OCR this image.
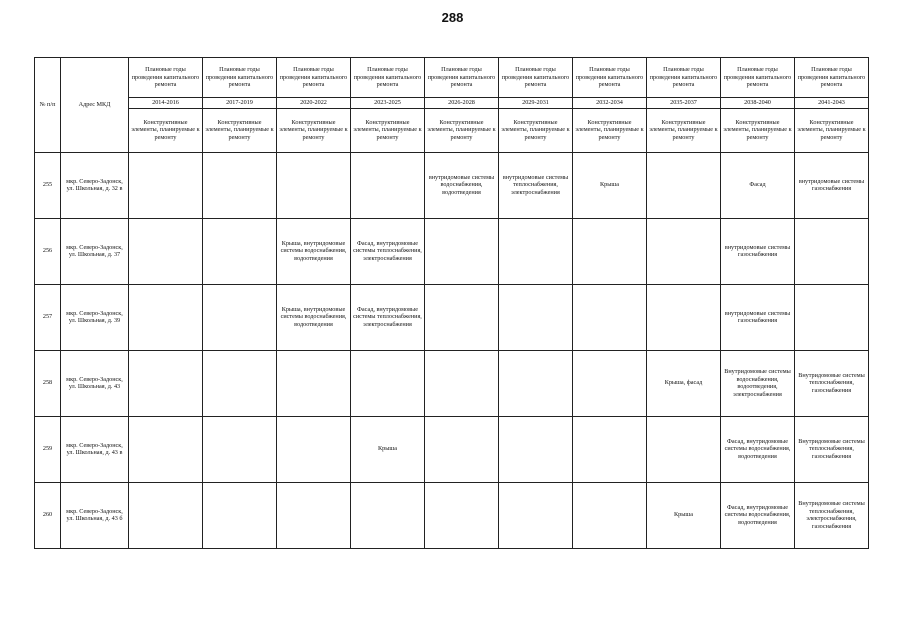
288
№ п/п	Адрес МКД	Плановые годы проведения капитального ремонта	Плановые годы проведения капитального ремонта	Плановые годы проведения капитального ремонта	Плановые годы проведения капитального ремонта	Плановые годы проведения капитального ремонта	Плановые годы проведения капитального ремонта	Плановые годы проведения капитального ремонта	Плановые годы проведения капитального ремонта	Плановые годы проведения капитального ремонта	Плановые годы проведения капитального ремонта
		2014-2016	2017-2019	2020-2022	2023-2025	2026-2028	2029-2031	2032-2034	2035-2037	2038-2040	2041-2043
		Конструктивные элементы, планируемые к ремонту	Конструктивные элементы, планируемые к ремонту	Конструктивные элементы, планируемые к ремонту	Конструктивные элементы, планируемые к ремонту	Конструктивные элементы, планируемые к ремонту	Конструктивные элементы, планируемые к ремонту	Конструктивные элементы, планируемые к ремонту	Конструктивные элементы, планируемые к ремонту	Конструктивные элементы, планируемые к ремонту	Конструктивные элементы, планируемые к ремонту
255	мкр. Северо-Задонск, ул. Школьная, д. 32 в					внутридомовые системы водоснабжения, водоотведения	внутридомовые системы теплоснабжения, электроснабжения	Крыша		Фасад	внутридомовые системы газоснабжения
256	мкр. Северо-Задонск, ул. Школьная, д. 37			Крыша, внутридомовые системы водоснабжения, водоотведения	Фасад, внутридомовые системы теплоснабжения, электроснабжения					внутридомовые системы газоснабжения	
257	мкр. Северо-Задонск, ул. Школьная, д. 39			Крыша, внутридомовые системы водоснабжения, водоотведения	Фасад, внутридомовые системы теплоснабжения, электроснабжения					внутридомовые системы газоснабжения	
258	мкр. Северо-Задонск, ул. Школьная, д. 43								Крыша, фасад	Внутридомовые системы водоснабжения, водоотведения, электроснабжения	Внутридомовые системы теплоснабжения, газоснабжения
259	мкр. Северо-Задонск, ул. Школьная, д. 43 в				Крыша					Фасад, внутридомовые системы водоснабжения, водоотведения	Внутридомовые системы теплоснабжения, газоснабжения
260	мкр. Северо-Задонск, ул. Школьная, д. 43 б								Крыша	Фасад, внутридомовые системы водоснабжения, водоотведения	Внутридомовые системы теплоснабжения, электроснабжения, газоснабжения
